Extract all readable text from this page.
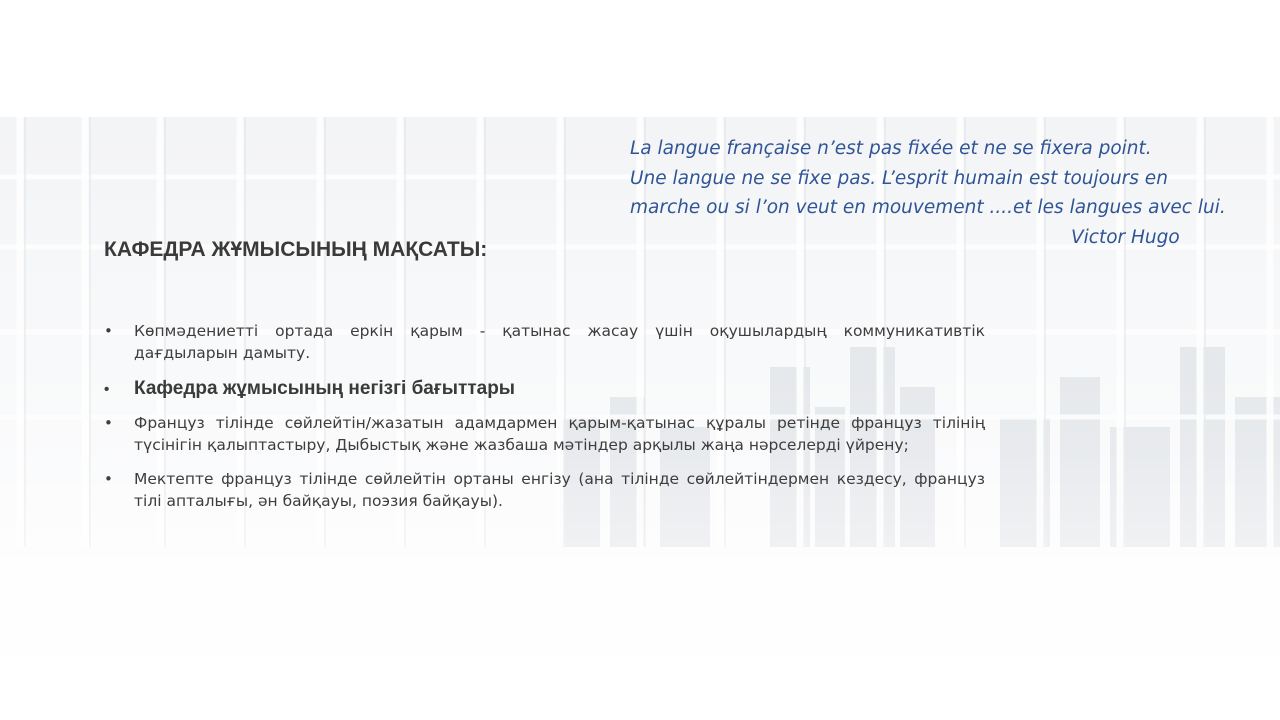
La langue française n’est pas fixée et ne se fixera point.
Une langue ne se fixe pas. L’esprit humain est toujours en
marche ou si l’on veut en mouvement ....et les langues avec lui.
Victor Hugo
КАФЕДРА ЖҰМЫСЫНЫҢ МАҚСАТЫ:
• Көпмәдениетті ортада еркін қарым - қатынас жасау үшін оқушылардың коммуникативтік дағдыларын дамыту.
• Кафедра жұмысының негізгі бағыттары
• Француз тілінде сөйлейтін/жазатын адамдармен қарым-қатынас құралы ретінде француз тілінің түсінігін қалыптастыру, Дыбыстық және жазбаша мәтіндер арқылы жаңа нәрселерді үйрену;
• Мектепте француз тілінде сөйлейтін ортаны енгізу (ана тілінде сөйлейтіндермен кездесу, француз тілі апталығы, ән байқауы, поэзия байқауы).
